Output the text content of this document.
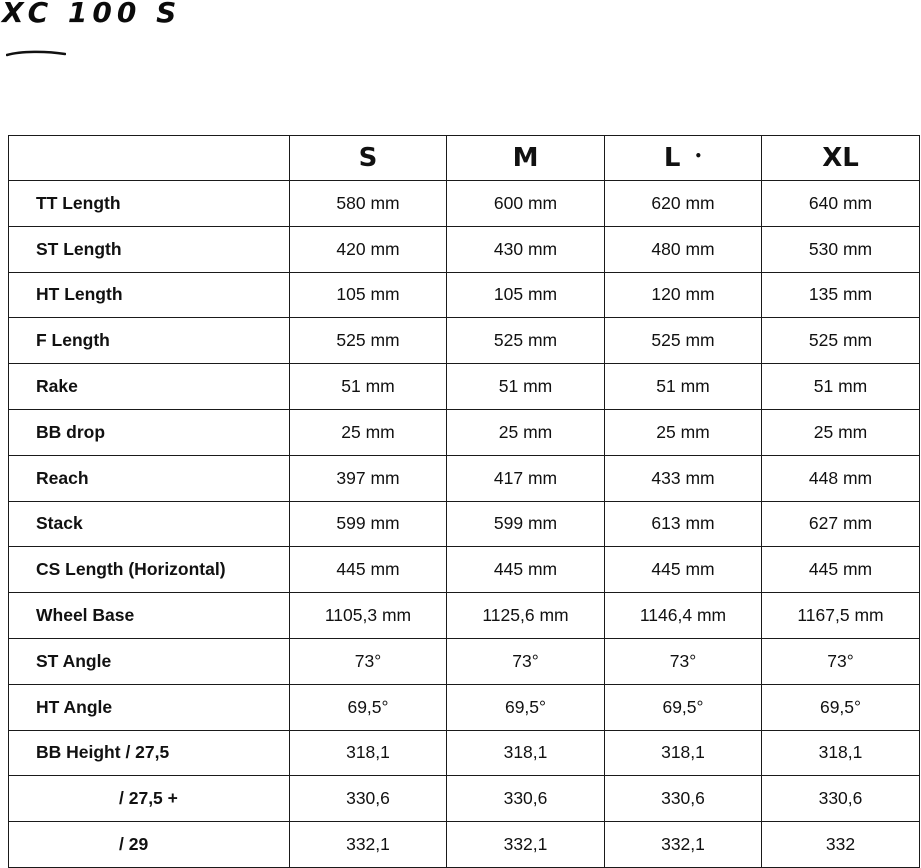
XC 100 S
	S	M	L •	XL
TT Length	580 mm	600 mm	620 mm	640 mm
ST Length	420 mm	430 mm	480 mm	530 mm
HT Length	105 mm	105 mm	120 mm	135 mm
F Length	525 mm	525 mm	525 mm	525 mm
Rake	51 mm	51 mm	51 mm	51 mm
BB drop	25 mm	25 mm	25 mm	25 mm
Reach	397 mm	417 mm	433 mm	448 mm
Stack	599 mm	599 mm	613 mm	627 mm
CS Length (Horizontal)	445 mm	445 mm	445 mm	445 mm
Wheel Base	1105,3 mm	1125,6 mm	1146,4 mm	1167,5 mm
ST Angle	73°	73°	73°	73°
HT Angle	69,5°	69,5°	69,5°	69,5°
BB Height / 27,5	318,1	318,1	318,1	318,1
/ 27,5 +	330,6	330,6	330,6	330,6
/ 29	332,1	332,1	332,1	332
